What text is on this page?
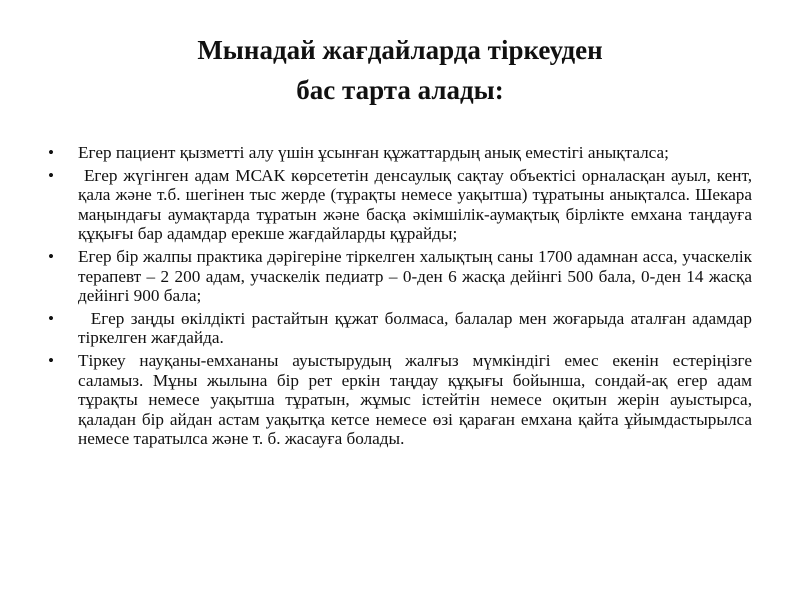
Мынадай жағдайларда тіркеуден
бас тарта алады:
• Егер пациент қызметті алу үшін ұсынған құжаттардың анық еместігі анықталса;
• Егер жүгінген адам МСАК көрсететін денсаулық сақтау объектісі орналасқан ауыл, кент, қала және т.б. шегінен тыс жерде (тұрақты немесе уақытша) тұратыны анықталса. Шекара маңындағы аумақтарда тұратын және басқа әкімшілік-аумақтық бірлікте емхана таңдауға құқығы бар адамдар ерекше жағдайларды құрайды;
• Егер бір жалпы практика дәрігеріне тіркелген халықтың саны 1700 адамнан асса, учаскелік терапевт – 2 200 адам, учаскелік педиатр – 0-ден 6 жасқа дейінгі 500 бала, 0-ден 14 жасқа дейінгі 900 бала;
• Егер заңды өкілдікті растайтын құжат болмаса, балалар мен жоғарыда аталған адамдар тіркелген жағдайда.
• Тіркеу науқаны-емхананы ауыстырудың жалғыз мүмкіндігі емес екенін естеріңізге саламыз. Мұны жылына бір рет еркін таңдау құқығы бойынша, сондай-ақ егер адам тұрақты немесе уақытша тұратын, жұмыс істейтін немесе оқитын жерін ауыстырса, қаладан бір айдан астам уақытқа кетсе немесе өзі қараған емхана қайта ұйымдастырылса немесе таратылса және т. б. жасауға болады.
